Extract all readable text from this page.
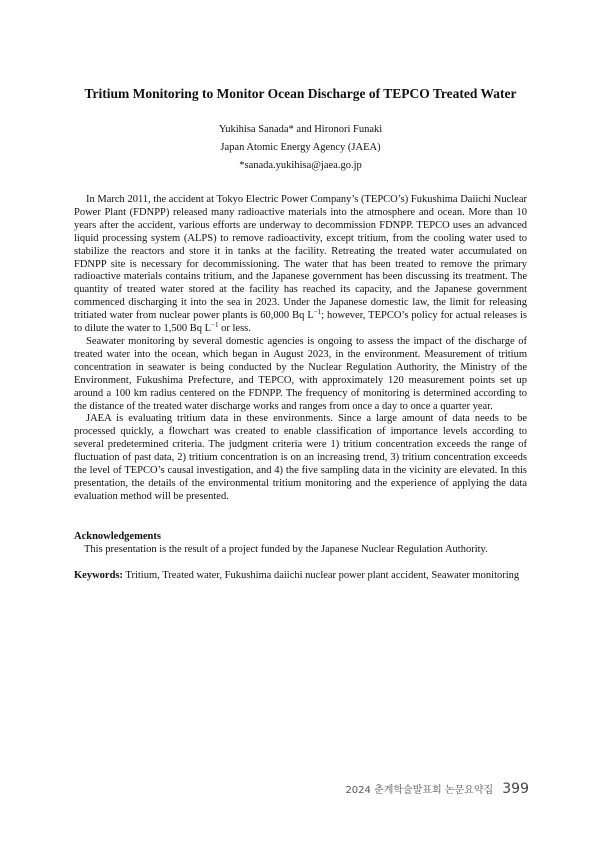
Tritium Monitoring to Monitor Ocean Discharge of TEPCO Treated Water
Yukihisa Sanada* and Hironori Funaki
Japan Atomic Energy Agency (JAEA)
*sanada.yukihisa@jaea.go.jp

In March 2011, the accident at Tokyo Electric Power Company’s (TEPCO’s) Fukushima Daiichi Nuclear Power Plant (FDNPP) released many radioactive materials into the atmosphere and ocean. More than 10 years after the accident, various efforts are underway to decommission FDNPP. TEPCO uses an advanced liquid processing system (ALPS) to remove radioactivity, except tritium, from the cooling water used to stabilize the reactors and store it in tanks at the facility. Retreating the treated water accumulated on FDNPP site is necessary for decommissioning. The water that has been treated to remove the primary radioactive materials contains tritium, and the Japanese government has been discussing its treatment. The quantity of treated water stored at the facility has reached its capacity, and the Japanese government commenced discharging it into the sea in 2023. Under the Japanese domestic law, the limit for releasing tritiated water from nuclear power plants is 60,000 Bq $L^{-1}$; however, TEPCO’s policy for actual releases is to dilute the water to 1,500 Bq $L^{-1}$ or less.

Seawater monitoring by several domestic agencies is ongoing to assess the impact of the discharge of treated water into the ocean, which began in August 2023, in the environment. Measurement of tritium concentration in seawater is being conducted by the Nuclear Regulation Authority, the Ministry of the Environment, Fukushima Prefecture, and TEPCO, with approximately 120 measurement points set up around a 100 km radius centered on the FDNPP. The frequency of monitoring is determined according to the distance of the treated water discharge works and ranges from once a day to once a quarter year.

JAEA is evaluating tritium data in these environments. Since a large amount of data needs to be processed quickly, a flowchart was created to enable classification of importance levels according to several predetermined criteria. The judgment criteria were 1) tritium concentration exceeds the range of fluctuation of past data, 2) tritium concentration is on an increasing trend, 3) tritium concentration exceeds the level of TEPCO’s causal investigation, and 4) the five sampling data in the vicinity are elevated. In this presentation, the details of the environmental tritium monitoring and the experience of applying the data evaluation method will be presented.

Acknowledgements
This presentation is the result of a project funded by the Japanese Nuclear Regulation Authority.
Keywords: Tritium, Treated water, Fukushima daiichi nuclear power plant accident, Seawater monitoring
2024 춘계학술발표회 논문요약집 399
